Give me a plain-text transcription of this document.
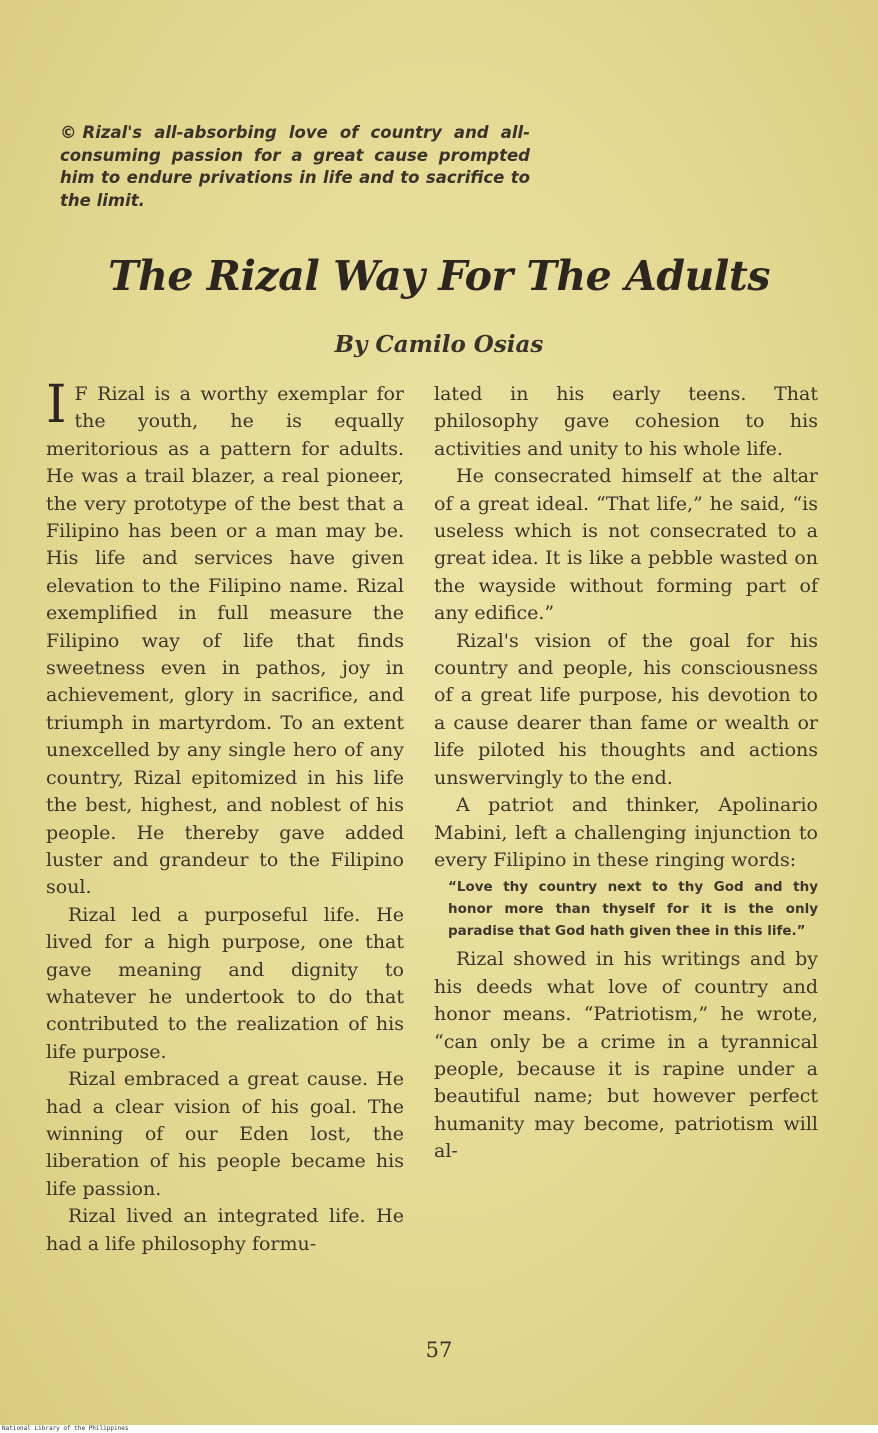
© Rizal's all-absorbing love of country and all-consuming passion for a great cause prompted him to endure privations in life and to sacrifice to the limit.

The Rizal Way For The Adults
By Camilo Osias

I F Rizal is a worthy exemplar for the youth, he is equally meritorious as a pattern for adults. He was a trail blazer, a real pioneer, the very prototype of the best that a Filipino has been or a man may be. His life and services have given elevation to the Filipino name. Rizal exemplified in full measure the Filipino way of life that finds sweetness even in pathos, joy in achievement, glory in sacrifice, and triumph in martyrdom. To an extent unexcelled by any single hero of any country, Rizal epitomized in his life the best, highest, and noblest of his people. He thereby gave added luster and grandeur to the Filipino soul.

Rizal led a purposeful life. He lived for a high purpose, one that gave meaning and dignity to whatever he undertook to do that contributed to the realization of his life purpose.

Rizal embraced a great cause. He had a clear vision of his goal. The winning of our Eden lost, the liberation of his people became his life passion.

Rizal lived an integrated life. He had a life philosophy formu-

lated in his early teens. That philosophy gave cohesion to his activities and unity to his whole life.

He consecrated himself at the altar of a great ideal. “That life,” he said, “is useless which is not consecrated to a great idea. It is like a pebble wasted on the wayside without forming part of any edifice.”

Rizal's vision of the goal for his country and people, his consciousness of a great life purpose, his devotion to a cause dearer than fame or wealth or life piloted his thoughts and actions unswervingly to the end.

A patriot and thinker, Apolinario Mabini, left a challenging injunction to every Filipino in these ringing words:

“Love thy country next to thy God and thy honor more than thyself for it is the only paradise that God hath given thee in this life.”

Rizal showed in his writings and by his deeds what love of country and honor means. “Patriotism,” he wrote, “can only be a crime in a tyrannical people, because it is rapine under a beautiful name; but however perfect humanity may become, patriotism will al-

57

National Library of the Philippines
